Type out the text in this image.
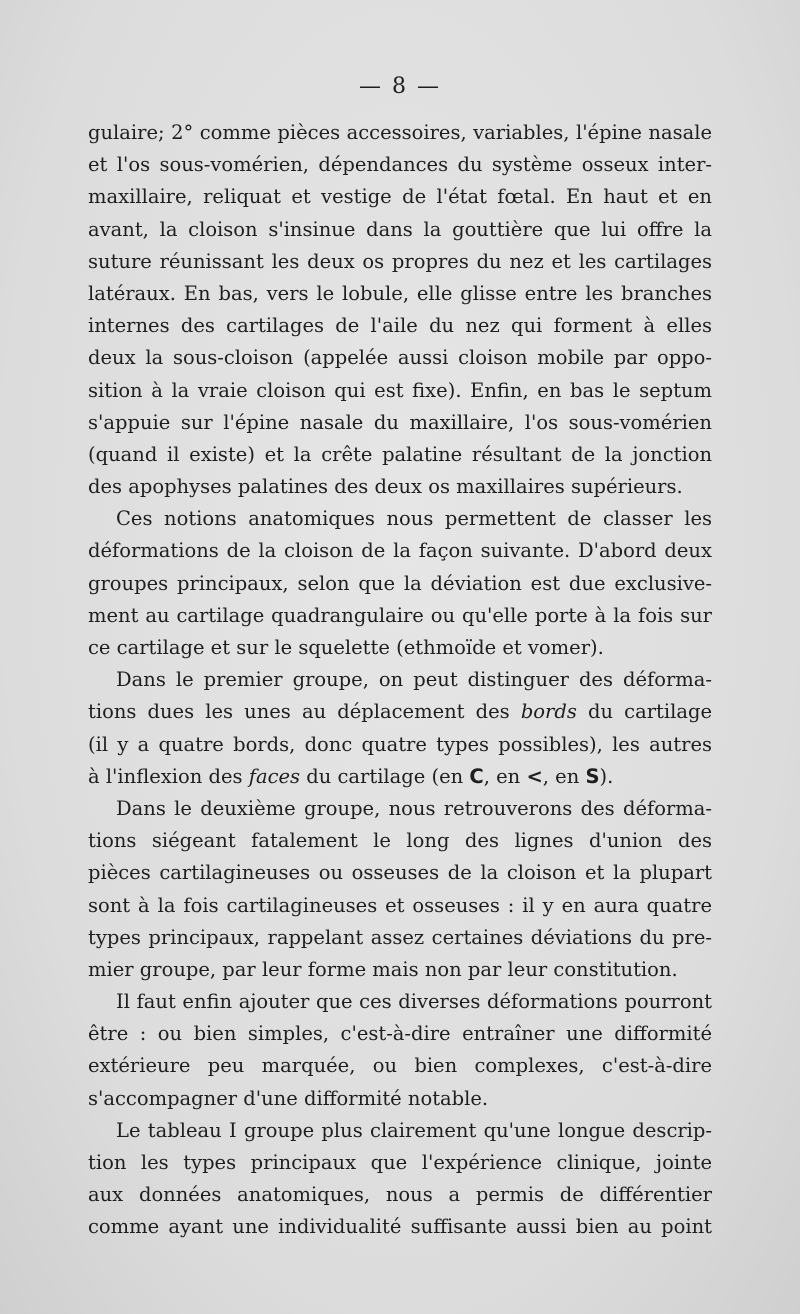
— 8 —
gulaire; 2° comme pièces accessoires, variables, l'épine nasale
et l'os sous-vomérien, dépendances du système osseux inter-
maxillaire, reliquat et vestige de l'état fœtal. En haut et en
avant, la cloison s'insinue dans la gouttière que lui offre la
suture réunissant les deux os propres du nez et les cartilages
latéraux. En bas, vers le lobule, elle glisse entre les branches
internes des cartilages de l'aile du nez qui forment à elles
deux la sous-cloison (appelée aussi cloison mobile par oppo-
sition à la vraie cloison qui est fixe). Enfin, en bas le septum
s'appuie sur l'épine nasale du maxillaire, l'os sous-vomérien
(quand il existe) et la crête palatine résultant de la jonction
des apophyses palatines des deux os maxillaires supérieurs.
Ces notions anatomiques nous permettent de classer les
déformations de la cloison de la façon suivante. D'abord deux
groupes principaux, selon que la déviation est due exclusive-
ment au cartilage quadrangulaire ou qu'elle porte à la fois sur
ce cartilage et sur le squelette (ethmoïde et vomer).
Dans le premier groupe, on peut distinguer des déforma-
tions dues les unes au déplacement des bords du cartilage
(il y a quatre bords, donc quatre types possibles), les autres
à l'inflexion des faces du cartilage (en C, en <, en S).
Dans le deuxième groupe, nous retrouverons des déforma-
tions siégeant fatalement le long des lignes d'union des
pièces cartilagineuses ou osseuses de la cloison et la plupart
sont à la fois cartilagineuses et osseuses : il y en aura quatre
types principaux, rappelant assez certaines déviations du pre-
mier groupe, par leur forme mais non par leur constitution.
Il faut enfin ajouter que ces diverses déformations pourront
être : ou bien simples, c'est-à-dire entraîner une difformité
extérieure peu marquée, ou bien complexes, c'est-à-dire
s'accompagner d'une difformité notable.
Le tableau I groupe plus clairement qu'une longue descrip-
tion les types principaux que l'expérience clinique, jointe
aux données anatomiques, nous a permis de différentier
comme ayant une individualité suffisante aussi bien au point
